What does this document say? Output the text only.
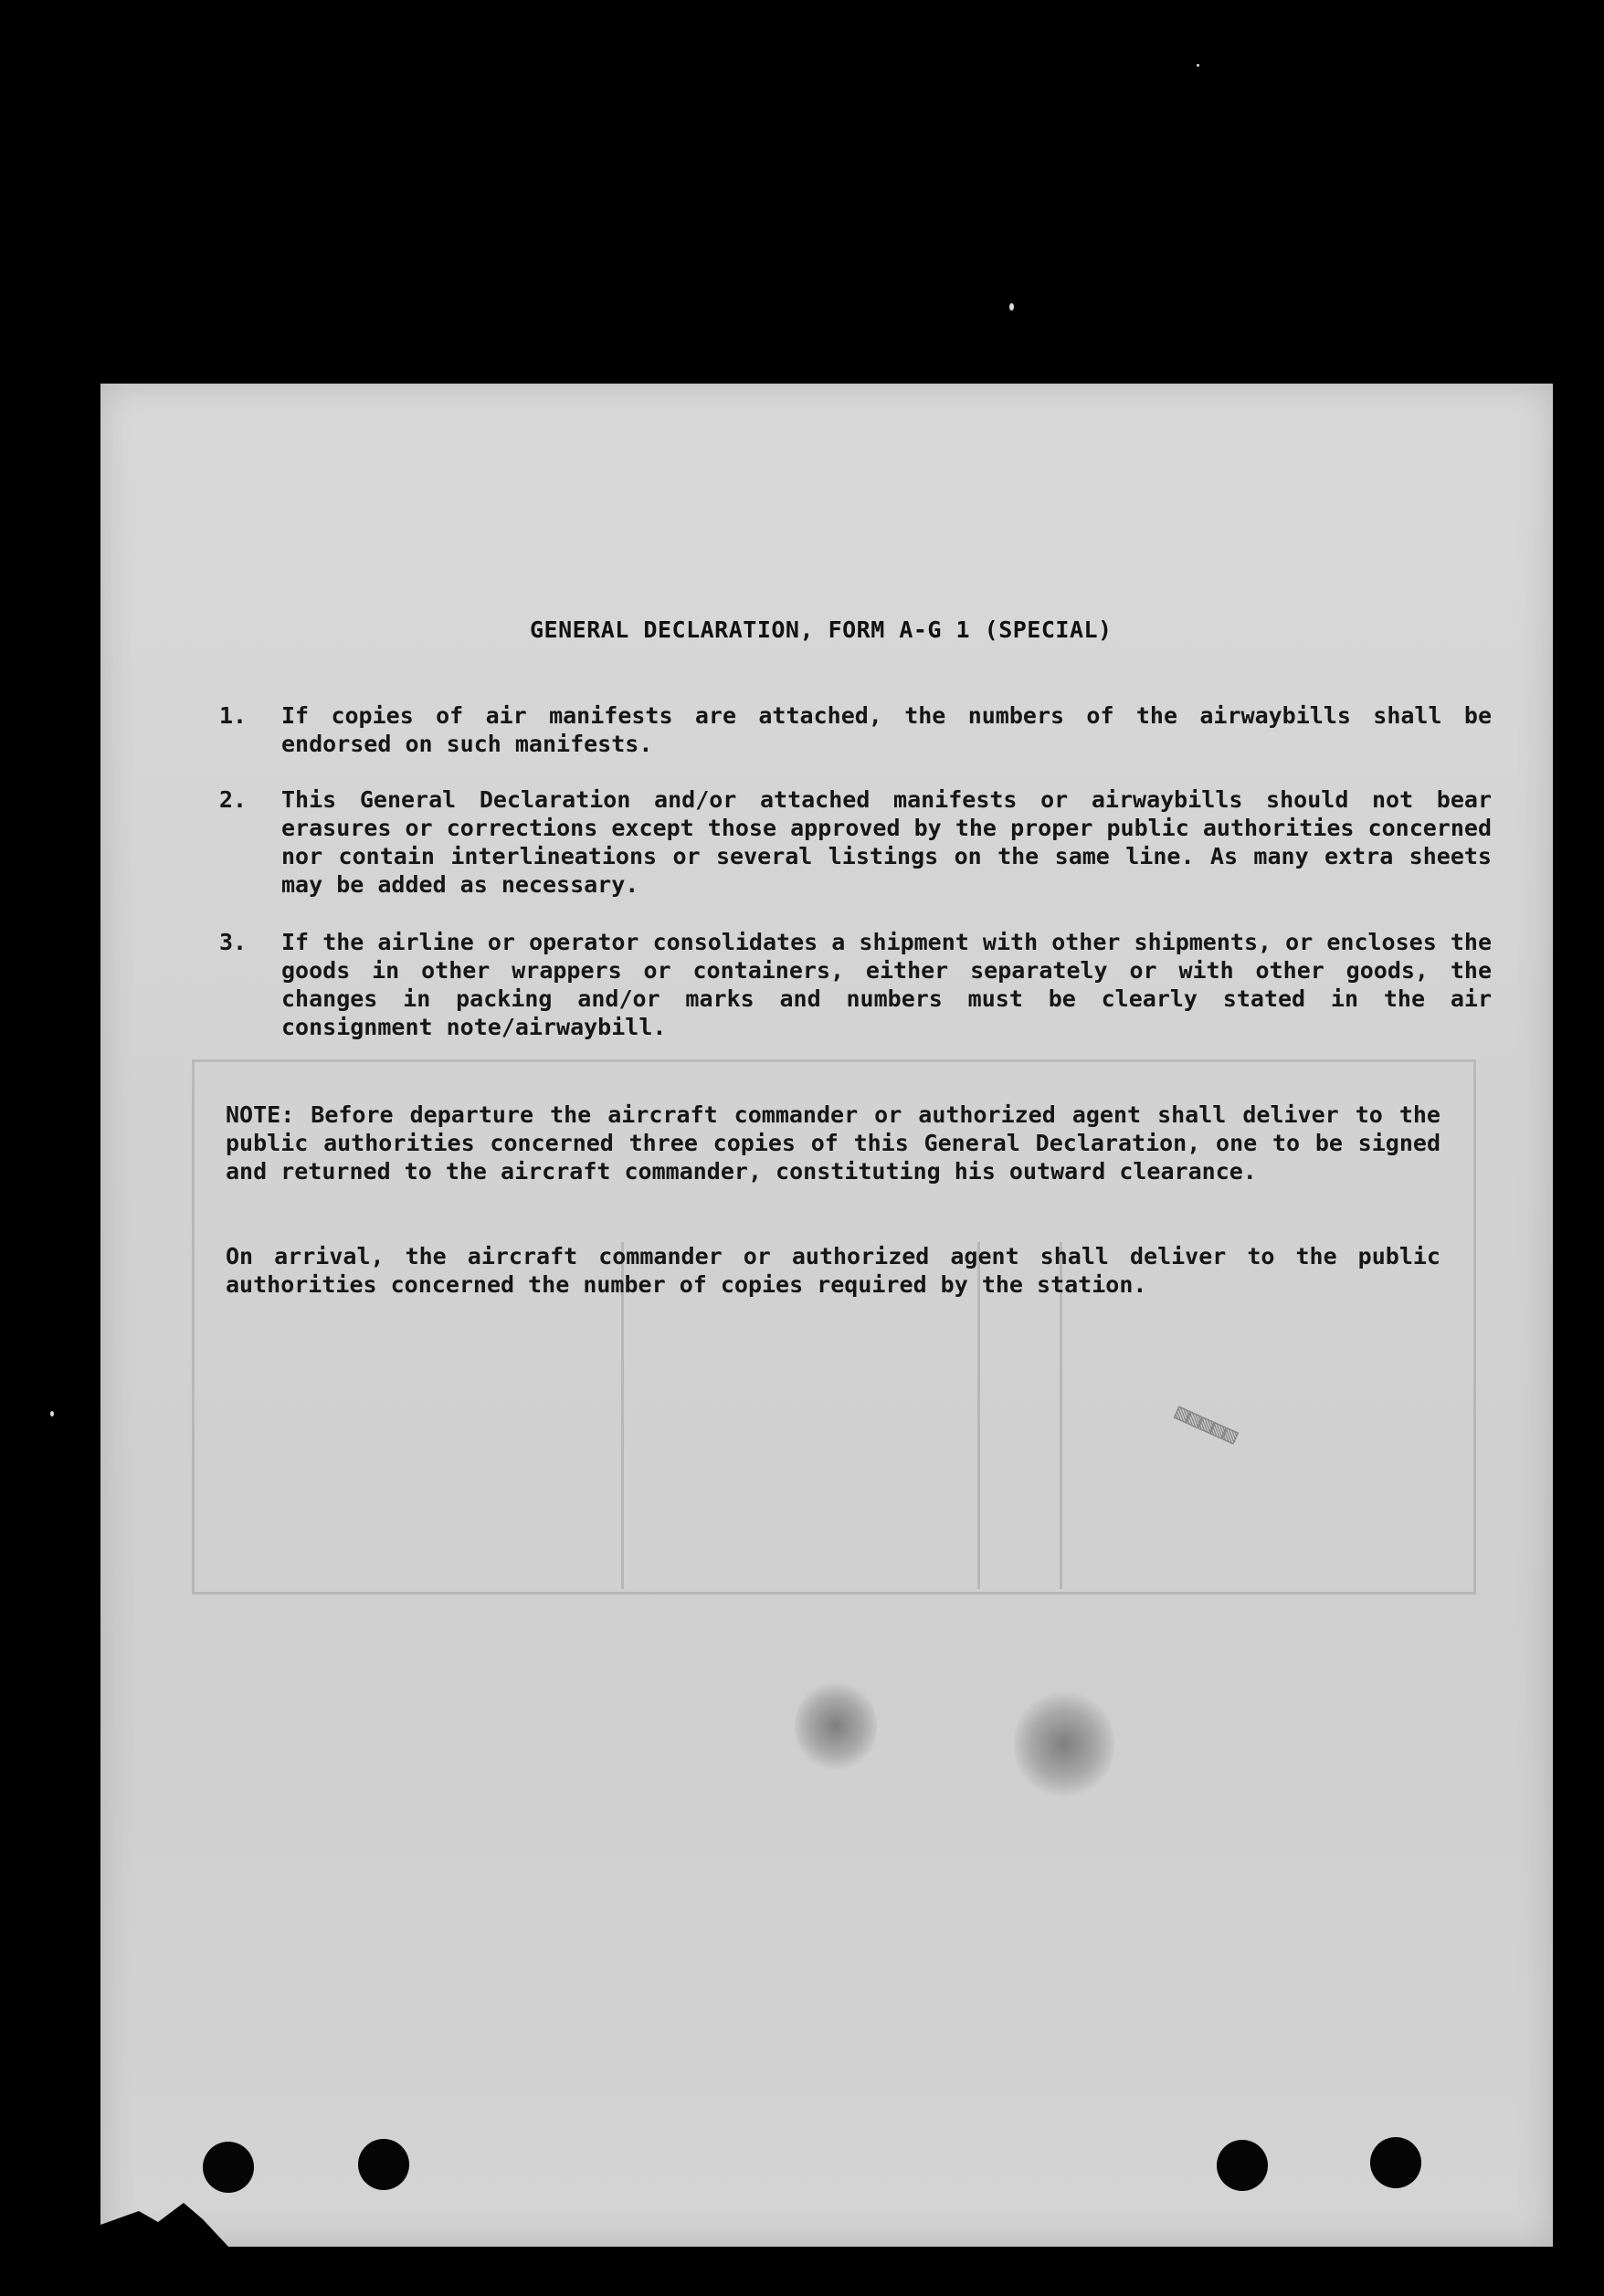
GENERAL DECLARATION, FORM A-G 1 (SPECIAL)
1.	If copies of air manifests are attached, the numbers of the airwaybills shall be endorsed on such manifests.
2.	This General Declaration and/or attached manifests or airwaybills should not bear erasures or corrections except those approved by the proper public authorities concerned nor contain interlineations or several listings on the same line. As many extra sheets may be added as necessary.
3.	If the airline or operator consolidates a shipment with other shipments, or encloses the goods in other wrappers or containers, either separately or with other goods, the changes in packing and/or marks and numbers must be clearly stated in the air consignment note/airwaybill.
NOTE: Before departure the aircraft commander or authorized agent shall deliver to the public authorities concerned three copies of this General Declaration, one to be signed and returned to the aircraft commander, constituting his outward clearance.
On arrival, the aircraft commander or authorized agent shall deliver to the public authorities concerned the number of copies required by the station.
▨▨▨▨▨
